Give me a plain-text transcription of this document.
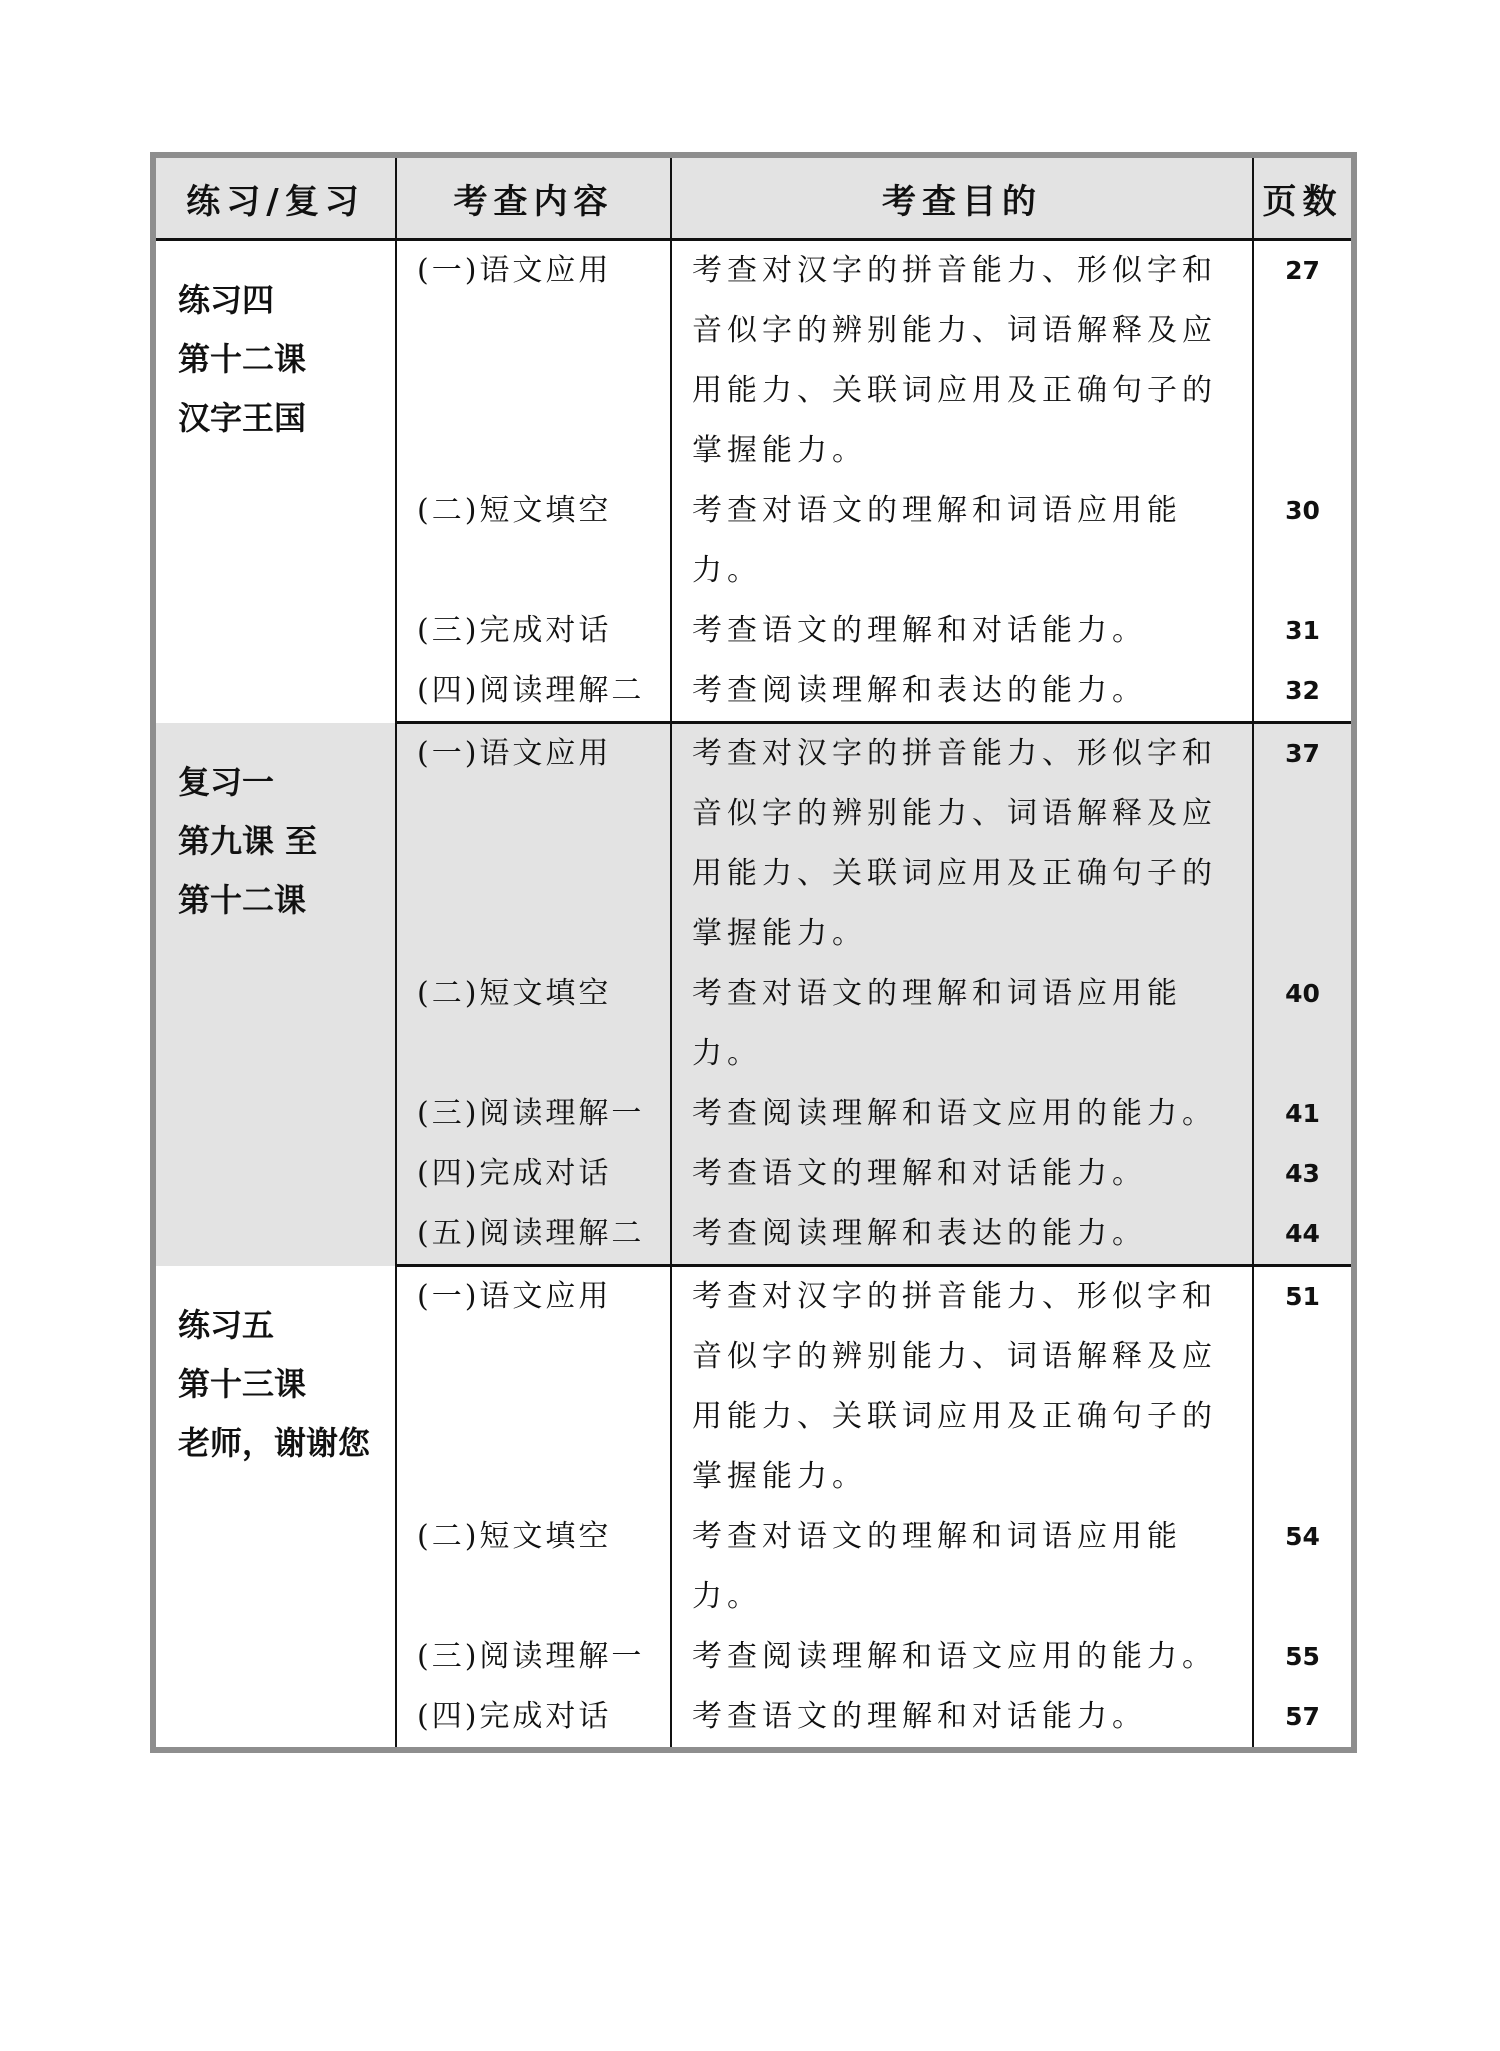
练习/复习	考查内容	考查目的	页数

练习四
第十二课
汉字王国	(一)语文应用	考查对汉字的拼音能力、形似字和音似字的辨别能力、词语解释及应用能力、关联词应用及正确句子的掌握能力。	27
	(二)短文填空	考查对语文的理解和词语应用能力。	30
	(三)完成对话	考查语文的理解和对话能力。	31
	(四)阅读理解二	考查阅读理解和表达的能力。	32

复习一
第九课 至
第十二课	(一)语文应用	考查对汉字的拼音能力、形似字和音似字的辨别能力、词语解释及应用能力、关联词应用及正确句子的掌握能力。	37
	(二)短文填空	考查对语文的理解和词语应用能力。	40
	(三)阅读理解一	考查阅读理解和语文应用的能力。	41
	(四)完成对话	考查语文的理解和对话能力。	43
	(五)阅读理解二	考查阅读理解和表达的能力。	44

练习五
第十三课
老师，谢谢您	(一)语文应用	考查对汉字的拼音能力、形似字和音似字的辨别能力、词语解释及应用能力、关联词应用及正确句子的掌握能力。	51
	(二)短文填空	考查对语文的理解和词语应用能力。	54
	(三)阅读理解一	考查阅读理解和语文应用的能力。	55
	(四)完成对话	考查语文的理解和对话能力。	57
